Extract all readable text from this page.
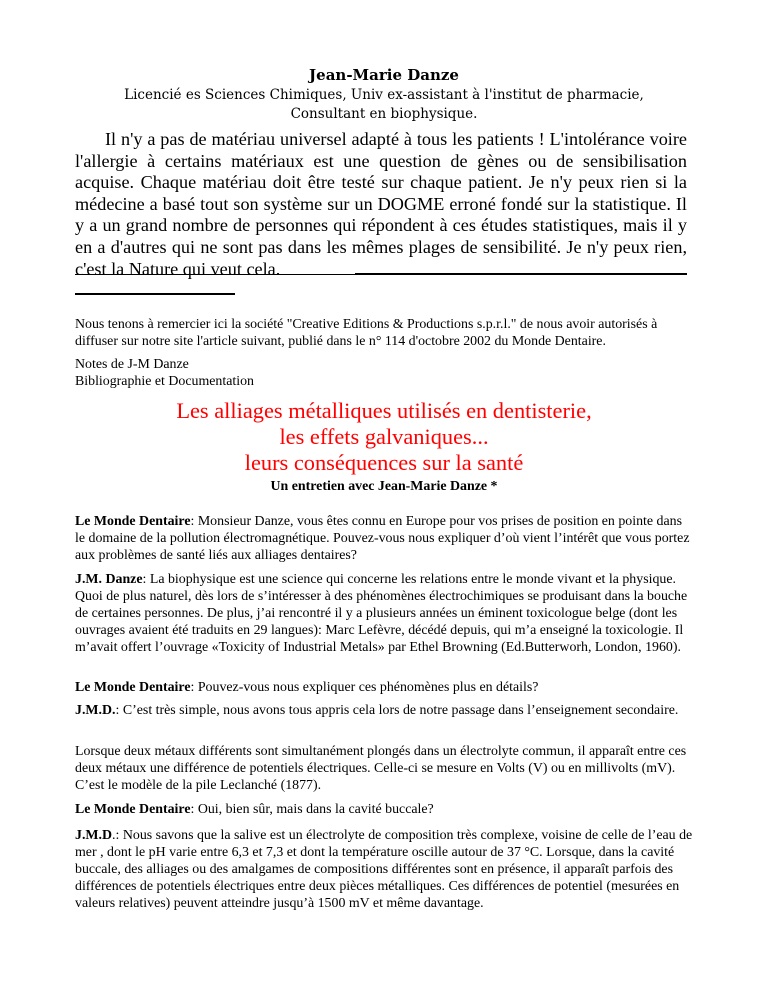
Jean-Marie Danze
Licencié es Sciences Chimiques, Univ ex-assistant à l'institut de pharmacie,
Consultant en biophysique.

Il n'y a pas de matériau universel adapté à tous les patients ! L'intolérance voire l'allergie à certains matériaux est une question de gènes ou de sensibilisation acquise. Chaque matériau doit être testé sur chaque patient. Je n'y peux rien si la médecine a basé tout son système sur un DOGME erroné fondé sur la statistique. Il y a un grand nombre de personnes qui répondent à ces études statistiques, mais il y en a d'autres qui ne sont pas dans les mêmes plages de sensibilité. Je n'y peux rien, c'est la Nature qui veut cela.

Nous tenons à remercier ici la société "Creative Editions & Productions s.p.r.l." de nous avoir autorisés à diffuser sur notre site l'article suivant, publié dans le n° 114 d'octobre 2002 du Monde Dentaire.

Notes de J-M Danze
Bibliographie et Documentation
Les alliages métalliques utilisés en dentisterie,
les effets galvaniques...
leurs conséquences sur la santé
Un entretien avec Jean-Marie Danze *

Le Monde Dentaire: Monsieur Danze, vous êtes connu en Europe pour vos prises de position en pointe dans le domaine de la pollution électromagnétique. Pouvez-vous nous expliquer d’où vient l’intérêt que vous portez aux problèmes de santé liés aux alliages dentaires?

J.M. Danze: La biophysique est une science qui concerne les relations entre le monde vivant et la physique. Quoi de plus naturel, dès lors de s’intéresser à des phénomènes électrochimiques se produisant dans la bouche de certaines personnes. De plus, j’ai rencontré il y a plusieurs années un éminent toxicologue belge (dont les ouvrages avaient été traduits en 29 langues): Marc Lefèvre, décédé depuis, qui m’a enseigné la toxicologie. Il m’avait offert l’ouvrage «Toxicity of Industrial Metals» par Ethel Browning (Ed.Butterworh, London, 1960).

Le Monde Dentaire: Pouvez-vous nous expliquer ces phénomènes plus en détails?

J.M.D.: C’est très simple, nous avons tous appris cela lors de notre passage dans l’enseignement secondaire.

Lorsque deux métaux différents sont simultanément plongés dans un électrolyte commun, il apparaît entre ces deux métaux une différence de potentiels électriques. Celle-ci se mesure en Volts (V) ou en millivolts (mV). C’est le modèle de la pile Leclanché (1877).

Le Monde Dentaire: Oui, bien sûr, mais dans la cavité buccale?

J.M.D.: Nous savons que la salive est un électrolyte de composition très complexe, voisine de celle de l’eau de mer , dont le pH varie entre 6,3 et 7,3 et dont la température oscille autour de 37 °C. Lorsque, dans la cavité buccale, des alliages ou des amalgames de compositions différentes sont en présence, il apparaît parfois des différences de potentiels électriques entre deux pièces métalliques. Ces différences de potentiel (mesurées en valeurs relatives) peuvent atteindre jusqu’à 1500 mV et même davantage.
